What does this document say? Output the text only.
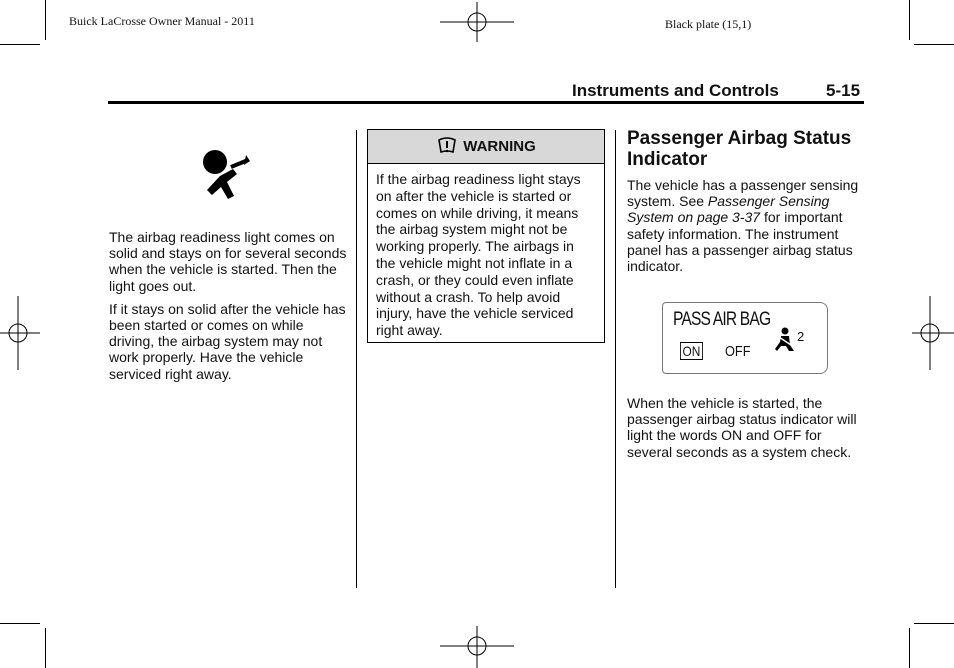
Buick LaCrosse Owner Manual - 2011	Black plate (15,1)
Instruments and Controls	5-15

The airbag readiness light comes on solid and stays on for several seconds when the vehicle is started. Then the light goes out.

If it stays on solid after the vehicle has been started or comes on while driving, the airbag system may not work properly. Have the vehicle serviced right away.

WARNING
If the airbag readiness light stays on after the vehicle is started or comes on while driving, it means the airbag system might not be working properly. The airbags in the vehicle might not inflate in a crash, or they could even inflate without a crash. To help avoid injury, have the vehicle serviced right away.
Passenger Airbag Status Indicator
The vehicle has a passenger sensing system. See Passenger Sensing System on page 3-37 for important safety information. The instrument panel has a passenger airbag status indicator.
PASS AIR BAG
ON OFF
2
When the vehicle is started, the passenger airbag status indicator will light the words ON and OFF for several seconds as a system check.
